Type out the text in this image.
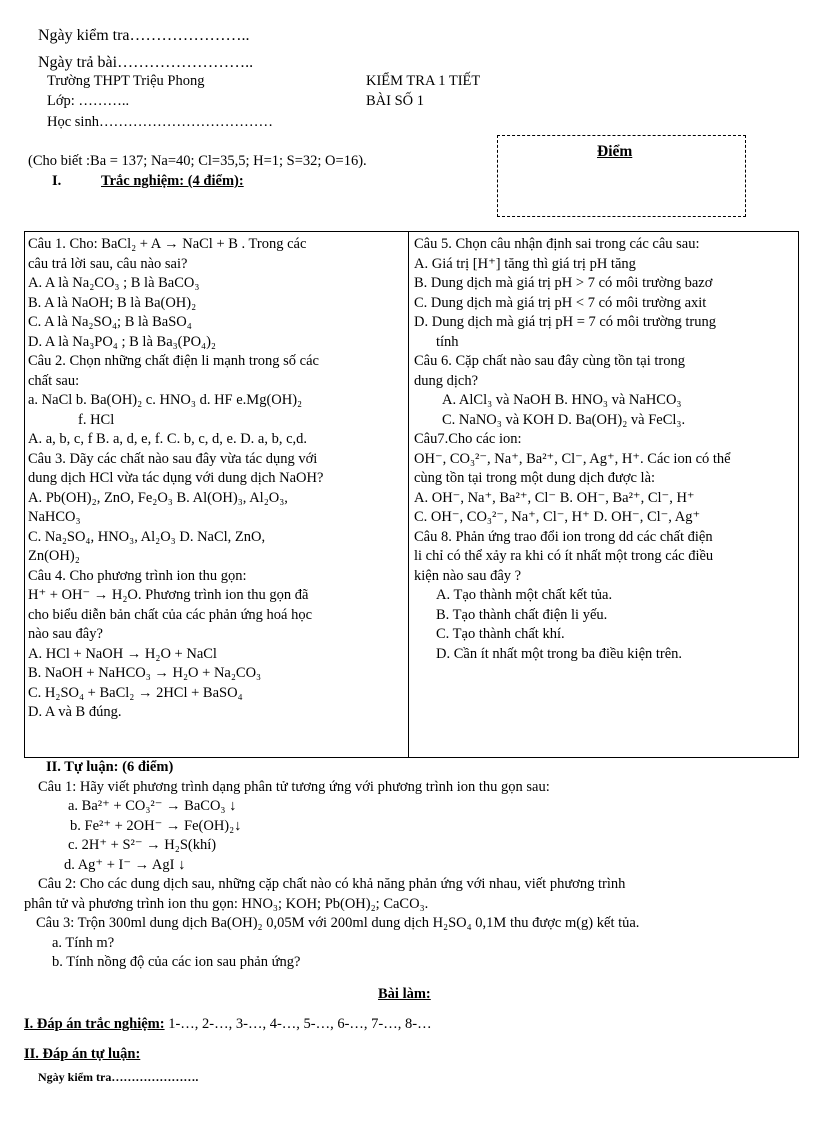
Ngày kiểm tra…………………..
Ngày trả bài……………………..
Trường THPT Triệu Phong
Lớp: ………..
Học sinh………………………………
KIỂM TRA 1 TIẾT
BÀI SỐ 1
Điểm
(Cho biết :Ba = 137; Na=40; Cl=35,5; H=1; S=32; O=16).
I.	Trắc nghiệm: (4 điểm):
Câu 1. Cho: BaCl₂ + A → NaCl + B . Trong các
câu trả lời sau, câu nào sai?
A. A là Na₂CO₃ ; B là BaCO₃
B. A là NaOH; B là Ba(OH)₂
C. A là Na₂SO₄; B là BaSO₄
D. A là Na₃PO₄ ; B là Ba₃(PO₄)₂
Câu 2. Chọn những chất điện li mạnh trong số các
chất sau:
a. NaCl b. Ba(OH)₂ c. HNO₃ d. HF e.Mg(OH)₂
f. HCl
A. a, b, c, f B. a, d, e, f. C. b, c, d, e. D. a, b, c,d.
Câu 3. Dãy các chất nào sau đây vừa tác dụng với
dung dịch HCl vừa tác dụng với dung dịch NaOH?
A. Pb(OH)₂, ZnO, Fe₂O₃ B. Al(OH)₃, Al₂O₃,
NaHCO₃
C. Na₂SO₄, HNO₃, Al₂O₃ D. NaCl, ZnO,
Zn(OH)₂
Câu 4. Cho phương trình ion thu gọn:
H⁺ + OH⁻ → H₂O. Phương trình ion thu gọn đã
cho biểu diễn bản chất của các phản ứng hoá học
nào sau đây?
A. HCl + NaOH → H₂O + NaCl
B. NaOH + NaHCO₃ → H₂O + Na₂CO₃
C. H₂SO₄ + BaCl₂ → 2HCl + BaSO₄
D. A và B đúng.
Câu 5. Chọn câu nhận định sai trong các câu sau:
A. Giá trị [H⁺] tăng thì giá trị pH tăng
B. Dung dịch mà giá trị pH > 7 có môi trường bazơ
C. Dung dịch mà giá trị pH < 7 có môi trường axit
D. Dung dịch mà giá trị pH = 7 có môi trường trung
tính
Câu 6. Cặp chất nào sau đây cùng tồn tại trong
dung dịch?
A. AlCl₃ và NaOH B. HNO₃ và NaHCO₃
C. NaNO₃ và KOH D. Ba(OH)₂ và FeCl₃.
Câu7.Cho các ion:
OH⁻, CO₃²⁻, Na⁺, Ba²⁺, Cl⁻, Ag⁺, H⁺. Các ion có thể
cùng tồn tại trong một dung dịch được là:
A. OH⁻, Na⁺, Ba²⁺, Cl⁻ B. OH⁻, Ba²⁺, Cl⁻, H⁺
C. OH⁻, CO₃²⁻, Na⁺, Cl⁻, H⁺ D. OH⁻, Cl⁻, Ag⁺
Câu 8. Phản ứng trao đổi ion trong dd các chất điện
li chỉ có thể xảy ra khi có ít nhất một trong các điều
kiện nào sau đây ?
A. Tạo thành một chất kết tủa.
B. Tạo thành chất điện li yếu.
C. Tạo thành chất khí.
D. Cần ít nhất một trong ba điều kiện trên.
II. Tự luận: (6 điểm)
Câu 1: Hãy viết phương trình dạng phân tử tương ứng với phương trình ion thu gọn sau:
a. Ba²⁺ + CO₃²⁻ → BaCO₃ ↓
b. Fe²⁺ + 2OH⁻ → Fe(OH)₂↓
c. 2H⁺ + S²⁻ → H₂S(khí)
d. Ag⁺ + I⁻ → AgI ↓
Câu 2: Cho các dung dịch sau, những cặp chất nào có khả năng phản ứng với nhau, viết phương trình
phân tử và phương trình ion thu gọn: HNO₃; KOH; Pb(OH)₂; CaCO₃.
Câu 3: Trộn 300ml dung dịch Ba(OH)₂ 0,05M với 200ml dung dịch H₂SO₄ 0,1M thu được m(g) kết tủa.
a. Tính m?
b. Tính nồng độ của các ion sau phản ứng?
Bài làm:
I. Đáp án trắc nghiệm: 1-…, 2-…, 3-…, 4-…, 5-…, 6-…, 7-…, 8-…
II. Đáp án tự luận:
Ngày kiểm tra………………….
